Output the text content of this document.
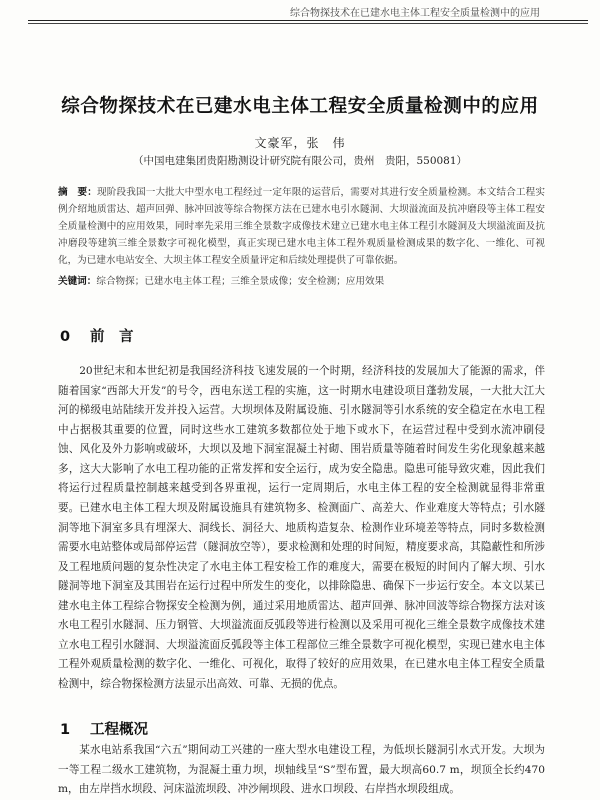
综合物探技术在已建水电主体工程安全质量检测中的应用
综合物探技术在已建水电主体工程安全质量检测中的应用
文豪军，张　伟
（中国电建集团贵阳勘测设计研究院有限公司，贵州　贵阳，550081）
摘　要：现阶段我国一大批大中型水电工程经过一定年限的运营后，需要对其进行安全质量检测。本文结合工程实例介绍地质雷达、超声回弹、脉冲回波等综合物探方法在已建水电引水隧洞、大坝溢流面及抗冲磨段等主体工程安全质量检测中的应用效果，同时率先采用三维全景数字成像技术建立已建水电主体工程引水隧洞及大坝溢流面及抗冲磨段等建筑三维全景数字可视化模型，真正实现已建水电主体工程外观质量检测成果的数字化、一维化、可视化，为已建水电站安全、大坝主体工程安全质量评定和后续处理提供了可靠依据。
关键词：综合物探；已建水电主体工程；三维全景成像；安全检测；应用效果
0 前　言

20世纪末和本世纪初是我国经济科技飞速发展的一个时期，经济科技的发展加大了能源的需求，伴随着国家“西部大开发”的号令，西电东送工程的实施，这一时期水电建设项目蓬勃发展，一大批大江大河的梯级电站陆续开发并投入运营。大坝坝体及附属设施、引水隧洞等引水系统的安全稳定在水电工程中占据极其重要的位置，同时这些水工建筑多数都位处于地下或水下，在运营过程中受到水流冲刷侵蚀、风化及外力影响或破坏，大坝以及地下洞室混凝土衬砌、围岩质量等随着时间发生劣化现象越来越多，这大大影响了水电工程功能的正常发挥和安全运行，成为安全隐患。隐患可能导致灾难，因此我们将运行过程质量控制越来越受到各界重视，运行一定周期后，水电主体工程的安全检测就显得非常重要。 已建水电主体工程大坝及附属设施具有建筑物多、检测面广、高差大、作业难度大等特点；引水隧洞等地下洞室多具有埋深大、洞线长、洞径大、地质构造复杂、检测作业环境差等特点，同时多数检测需要水电站整体或局部停运营（隧洞放空等），要求检测和处理的时间短，精度要求高，其隐蔽性和所涉及工程地质问题的复杂性决定了水电主体工程安检工作的难度大，需要在极短的时间内了解大坝、引水隧洞等地下洞室及其围岩在运行过程中所发生的变化，以排除隐患、确保下一步运行安全。本文以某已建水电主体工程综合物探安全检测为例，通过采用地质雷达、超声回弹、脉冲回波等综合物探方法对该水电工程引水隧洞、压力钢管、大坝溢流面反弧段等进行检测以及采用可视化三维全景数字成像技术建立水电工程引水隧洞、大坝溢流面反弧段等主体工程部位三维全景数字可视化模型，实现已建水电主体工程外观质量检测的数字化、一维化、可视化，取得了较好的应用效果，在已建水电主体工程安全质量检测中，综合物探检测方法显示出高效、可靠、无损的优点。

1 工程概况

某水电站系我国“六五”期间动工兴建的一座大型水电建设工程，为低坝长隧洞引水式开发。大坝为一等工程二级水工建筑物，为混凝土重力坝，坝轴线呈“S”型布置，最大坝高60.7 m，坝顶全长约470 m，由左岸挡水坝段、河床溢流坝段、冲沙闸坝段、进水口坝段、右岸挡水坝段组成。
